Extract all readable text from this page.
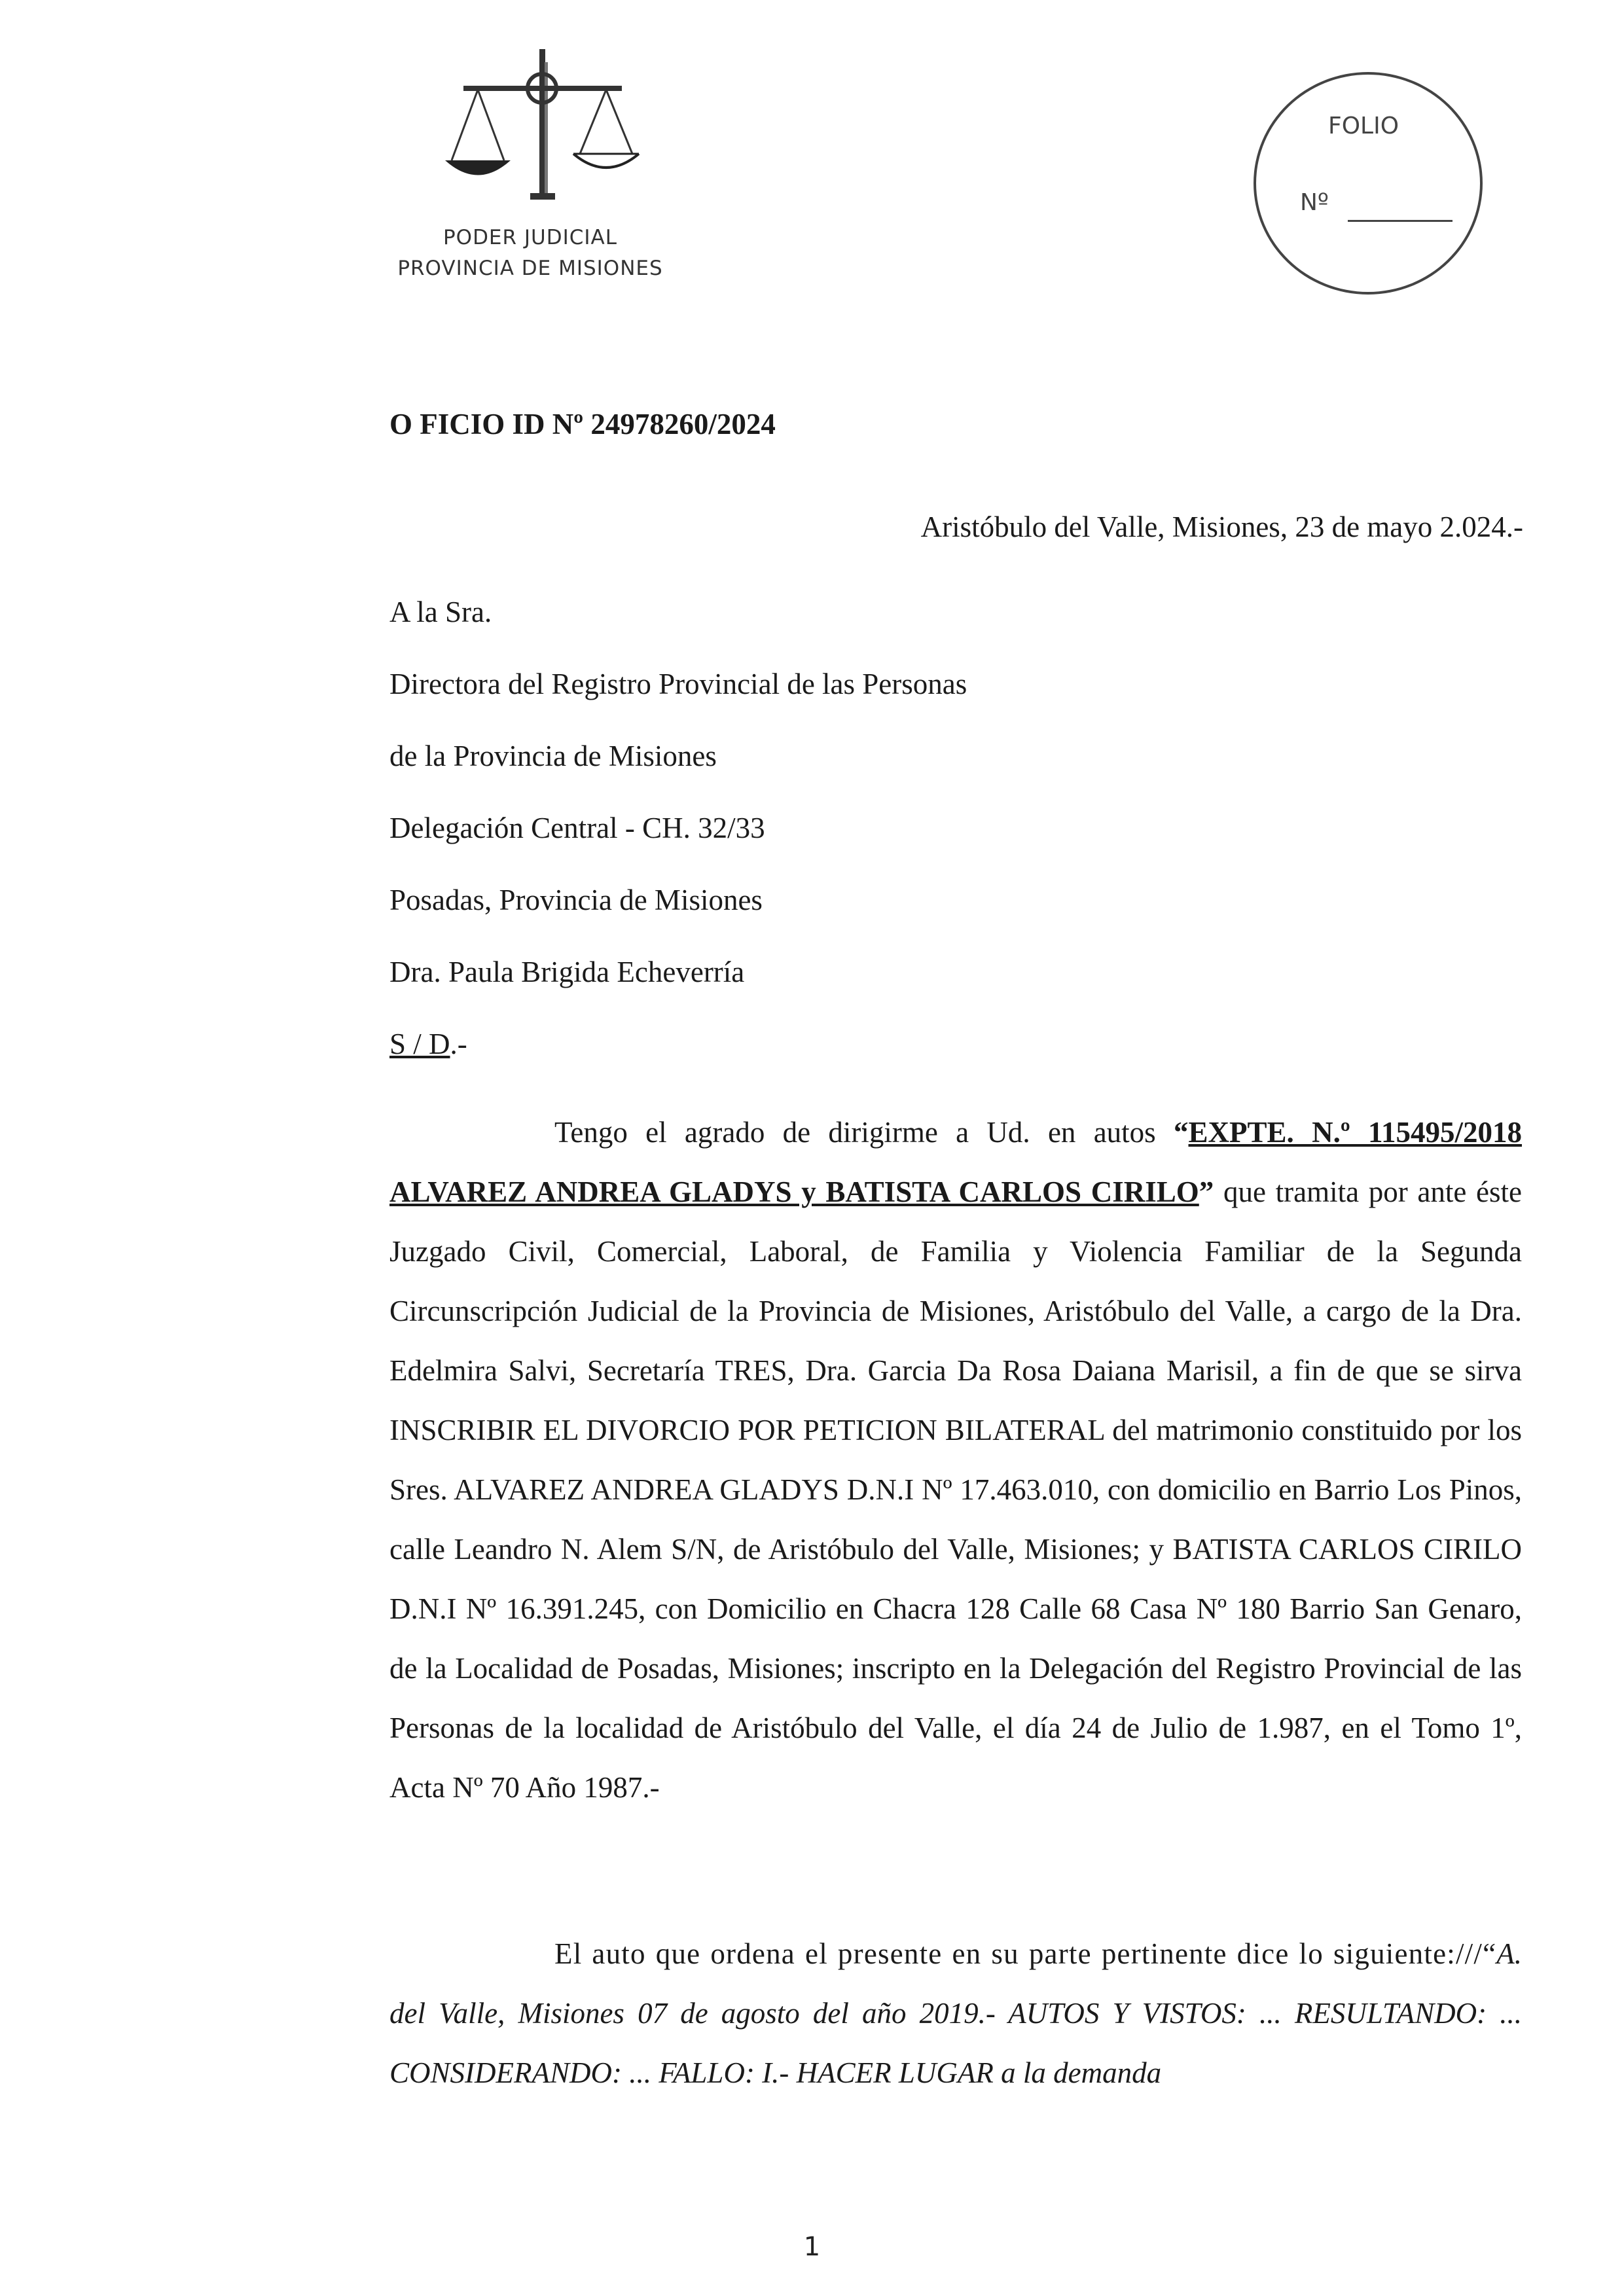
PODER JUDICIAL
PROVINCIA DE MISIONES
FOLIO
Nº
O FICIO ID Nº 24978260/2024
Aristóbulo del Valle, Misiones, 23 de mayo 2.024.-
A la Sra.
Directora del Registro Provincial de las Personas
de la Provincia de Misiones
Delegación Central - CH. 32/33
Posadas, Provincia de Misiones
Dra. Paula Brigida Echeverría
S / D.-

Tengo el agrado de dirigirme a Ud. en autos “EXPTE. N.º 115495/2018 ALVAREZ ANDREA GLADYS y BATISTA CARLOS CIRILO” que tramita por ante éste Juzgado Civil, Comercial, Laboral, de Familia y Violencia Familiar de la Segunda Circunscripción Judicial de la Provincia de Misiones, Aristóbulo del Valle, a cargo de la Dra. Edelmira Salvi, Secretaría TRES, Dra. Garcia Da Rosa Daiana Marisil, a fin de que se sirva INSCRIBIR EL DIVORCIO POR PETICION BILATERAL del matrimonio constituido por los Sres. ALVAREZ ANDREA GLADYS D.N.I Nº 17.463.010, con domicilio en Barrio Los Pinos, calle Leandro N. Alem S/N, de Aristóbulo del Valle, Misiones; y BATISTA CARLOS CIRILO D.N.I Nº 16.391.245, con Domicilio en Chacra 128 Calle 68 Casa Nº 180 Barrio San Genaro, de la Localidad de Posadas, Misiones; inscripto en la Delegación del Registro Provincial de las Personas de la localidad de Aristóbulo del Valle, el día 24 de Julio de 1.987, en el Tomo 1º, Acta Nº 70 Año 1987.-

El auto que ordena el presente en su parte pertinente dice lo siguiente:///“A. del Valle, Misiones 07 de agosto del año 2019.- AUTOS Y VISTOS: ... RESULTANDO: ... CONSIDERANDO: ... FALLO: I.- HACER LUGAR a la demanda

1
